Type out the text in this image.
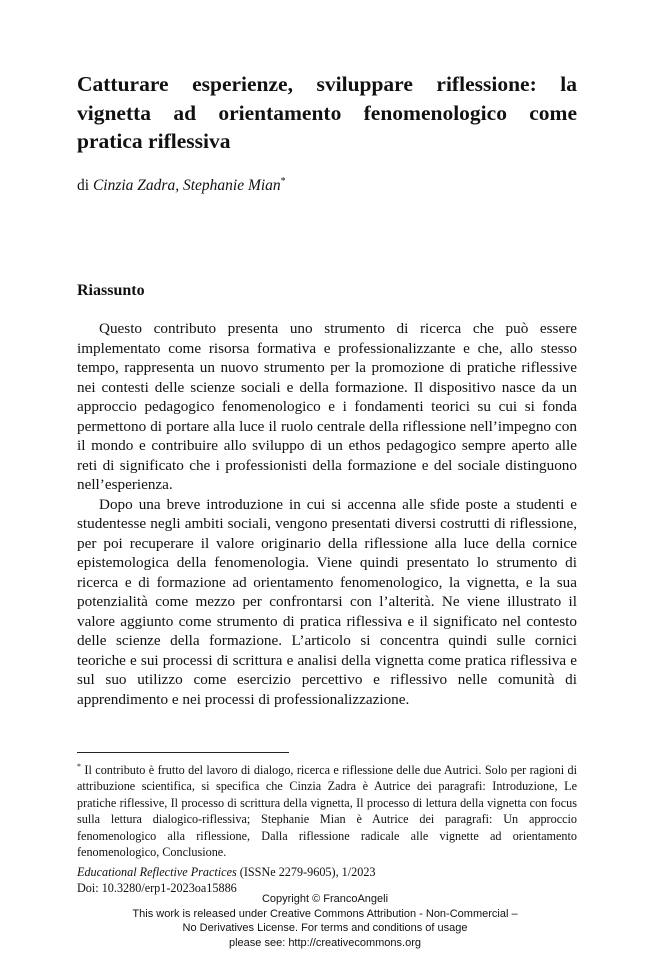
Catturare esperienze, sviluppare riflessione: la vignetta ad orientamento fenomenologico come pratica riflessiva

di Cinzia Zadra, Stephanie Mian*

Riassunto

Questo contributo presenta uno strumento di ricerca che può essere implementato come risorsa formativa e professionalizzante e che, allo stesso tempo, rappresenta un nuovo strumento per la promozione di pratiche riflessive nei contesti delle scienze sociali e della formazione. Il dispositivo nasce da un approccio pedagogico fenomenologico e i fondamenti teorici su cui si fonda permettono di portare alla luce il ruolo centrale della riflessione nell’impegno con il mondo e contribuire allo sviluppo di un ethos pedagogico sempre aperto alle reti di significato che i professionisti della formazione e del sociale distinguono nell’esperienza.

Dopo una breve introduzione in cui si accenna alle sfide poste a studenti e studentesse negli ambiti sociali, vengono presentati diversi costrutti di riflessione, per poi recuperare il valore originario della riflessione alla luce della cornice epistemologica della fenomenologia. Viene quindi presentato lo strumento di ricerca e di formazione ad orientamento fenomenologico, la vignetta, e la sua potenzialità come mezzo per confrontarsi con l’alterità. Ne viene illustrato il valore aggiunto come strumento di pratica riflessiva e il significato nel contesto delle scienze della formazione. L’articolo si concentra quindi sulle cornici teoriche e sui processi di scrittura e analisi della vignetta come pratica riflessiva e sul suo utilizzo come esercizio percettivo e riflessivo nelle comunità di apprendimento e nei processi di professionalizzazione.

* Il contributo è frutto del lavoro di dialogo, ricerca e riflessione delle due Autrici. Solo per ragioni di attribuzione scientifica, si specifica che Cinzia Zadra è Autrice dei paragrafi: Introduzione, Le pratiche riflessive, Il processo di scrittura della vignetta, Il processo di lettura della vignetta con focus sulla lettura dialogico-riflessiva; Stephanie Mian è Autrice dei paragrafi: Un approccio fenomenologico alla riflessione, Dalla riflessione radicale alle vignette ad orientamento fenomenologico, Conclusione.

Educational Reflective Practices (ISSNe 2279-9605), 1/2023
Doi: 10.3280/erp1-2023oa15886
Copyright © FrancoAngeli
This work is released under Creative Commons Attribution - Non-Commercial –
No Derivatives License. For terms and conditions of usage
please see: http://creativecommons.org
